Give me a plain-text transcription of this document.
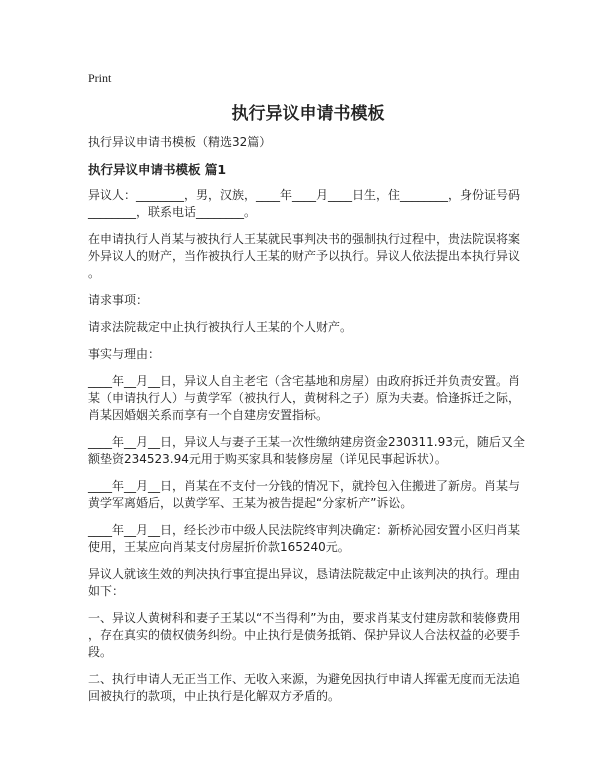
Print
执行异议申请书模板
执行异议申请书模板（精选32篇）
执行异议申请书模板 篇1
异议人：________，男，汉族，____年____月____日生，住________，身份证号码
________，联系电话________。
在申请执行人肖某与被执行人王某就民事判决书的强制执行过程中，贵法院误将案
外异议人的财产，当作被执行人王某的财产予以执行。异议人依法提出本执行异议
。
请求事项：
请求法院裁定中止执行被执行人王某的个人财产。
事实与理由：
____年__月__日，异议人自主老宅（含宅基地和房屋）由政府拆迁并负责安置。肖
某（申请执行人）与黄学军（被执行人，黄树科之子）原为夫妻。恰逢拆迁之际，
肖某因婚姻关系而享有一个自建房安置指标。
____年__月__日，异议人与妻子王某一次性缴纳建房资金230311.93元，随后又全
额垫资234523.94元用于购买家具和装修房屋（详见民事起诉状）。
____年__月__日，肖某在不支付一分钱的情况下，就拎包入住搬进了新房。肖某与
黄学军离婚后，以黄学军、王某为被告提起“分家析产”诉讼。
____年__月__日，经长沙市中级人民法院终审判决确定：新桥沁园安置小区归肖某
使用，王某应向肖某支付房屋折价款165240元。
异议人就该生效的判决执行事宜提出异议，恳请法院裁定中止该判决的执行。理由
如下：
一、异议人黄树科和妻子王某以“不当得利”为由，要求肖某支付建房款和装修费用
，存在真实的债权债务纠纷。中止执行是债务抵销、保护异议人合法权益的必要手
段。
二、执行申请人无正当工作、无收入来源，为避免因执行申请人挥霍无度而无法追
回被执行的款项，中止执行是化解双方矛盾的。
